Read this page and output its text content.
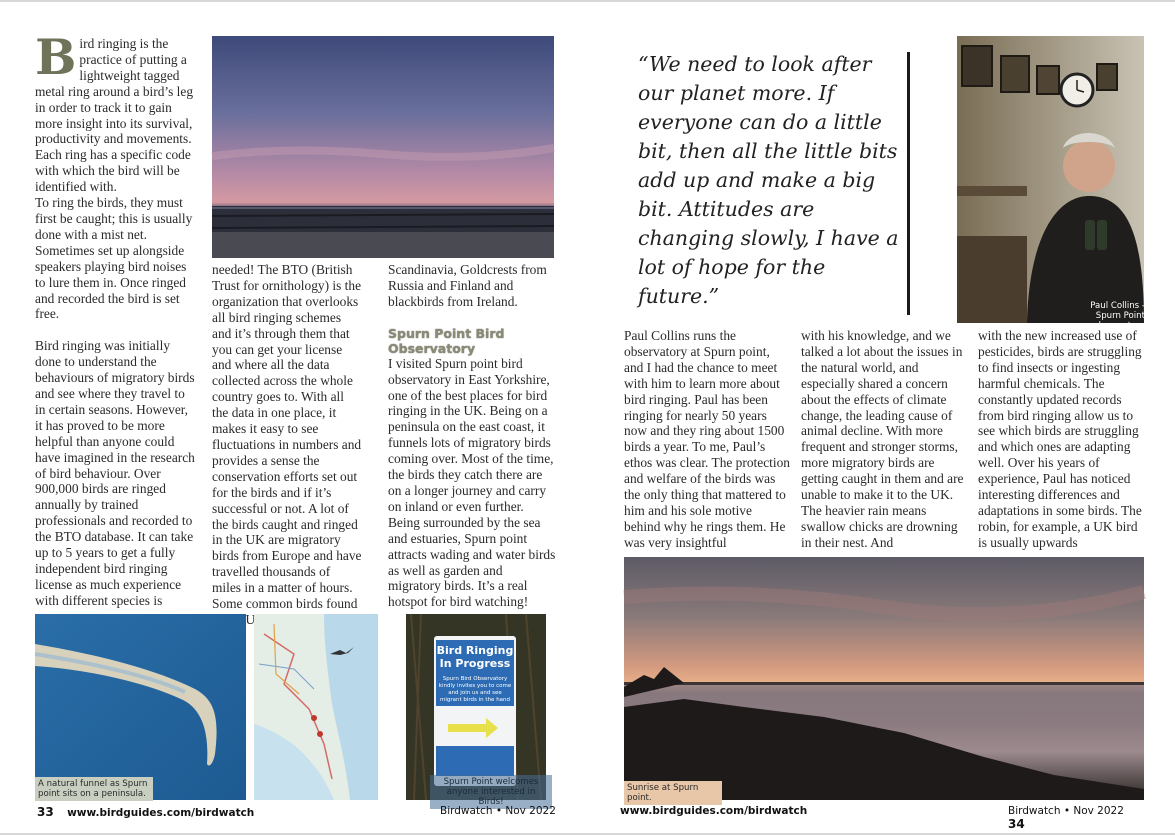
B ird ringing is the practice of putting a lightweight tagged metal ring around a bird’s leg in order to track it to gain more insight into its survival, productivity and movements. Each ring has a specific code with which the bird will be identified with.

To ring the birds, they must first be caught; this is usually done with a mist net. Sometimes set up alongside speakers playing bird noises to lure them in. Once ringed and recorded the bird is set free.

Bird ringing was initially done to understand the behaviours of migratory birds and see where they travel to in certain seasons. However, it has proved to be more helpful than anyone could have imagined in the research of bird behaviour. Over 900,000 birds are ringed annually by trained professionals and recorded to the BTO database. It can take up to 5 years to get a fully independent bird ringing license as much experience with different species is

needed! The BTO (British Trust for ornithology) is the organization that overlooks all bird ringing schemes and it’s through them that you can get your license and where all the data collected across the whole country goes to. With all the data in one place, it makes it easy to see fluctuations in numbers and provides a sense the conservation efforts set out for the birds and if it’s successful or not. A lot of the birds caught and ringed in the UK are migratory birds from Europe and have travelled thousands of miles in a matter of hours. Some common birds found

Scandinavia, Goldcrests from Russia and Finland and blackbirds from Ireland.

Spurn Point Bird Observatory

I visited Spurn point bird observatory in East Yorkshire, one of the best places for bird ringing in the UK. Being on a peninsula on the east coast, it funnels lots of migratory birds coming over. Most of the time, the birds they catch there are on a longer journey and carry on inland or even further. Being surrounded by the sea and estuaries, Spurn point attracts wading and water birds as well as garden and migratory birds. It’s a real hotspot for bird watching!

A natural funnel as Spurn point sits on a peninsula.
Bird Ringing In Progress
Spurn Bird Observatory kindly invites you to come and join us and see migrant birds in the hand
Spurn Point welcomes anyone interested in Birds!
33 www.birdguides.com/birdwatch	Birdwatch • Nov 2022

“We need to look after our planet more. If everyone can do a little bit, then all the little bits add up and make a big bit. Attitudes are changing slowly, I have a lot of hope for the future.”	Paul Collins - Spurn Point observatory

Paul Collins runs the observatory at Spurn point, and I had the chance to meet with him to learn more about bird ringing. Paul has been ringing for nearly 50 years now and they ring about 1500 birds a year. To me, Paul’s ethos was clear. The protection and welfare of the birds was the only thing that mattered to him and his sole motive behind why he rings them. He was very insightful

with his knowledge, and we talked a lot about the issues in the natural world, and especially shared a concern about the effects of climate change, the leading cause of animal decline. With more frequent and stronger storms, more migratory birds are getting caught in them and are unable to make it to the UK. The heavier rain means swallow chicks are drowning in their nest. And

with the new increased use of pesticides, birds are struggling to find insects or ingesting harmful chemicals. The constantly updated records from bird ringing allow us to see which birds are struggling and which ones are adapting well. Over his years of experience, Paul has noticed interesting differences and adaptations in some birds. The robin, for example, a UK bird is usually upwards

Sunrise at Spurn point.
www.birdguides.com/birdwatch	Birdwatch • Nov 2022   34
